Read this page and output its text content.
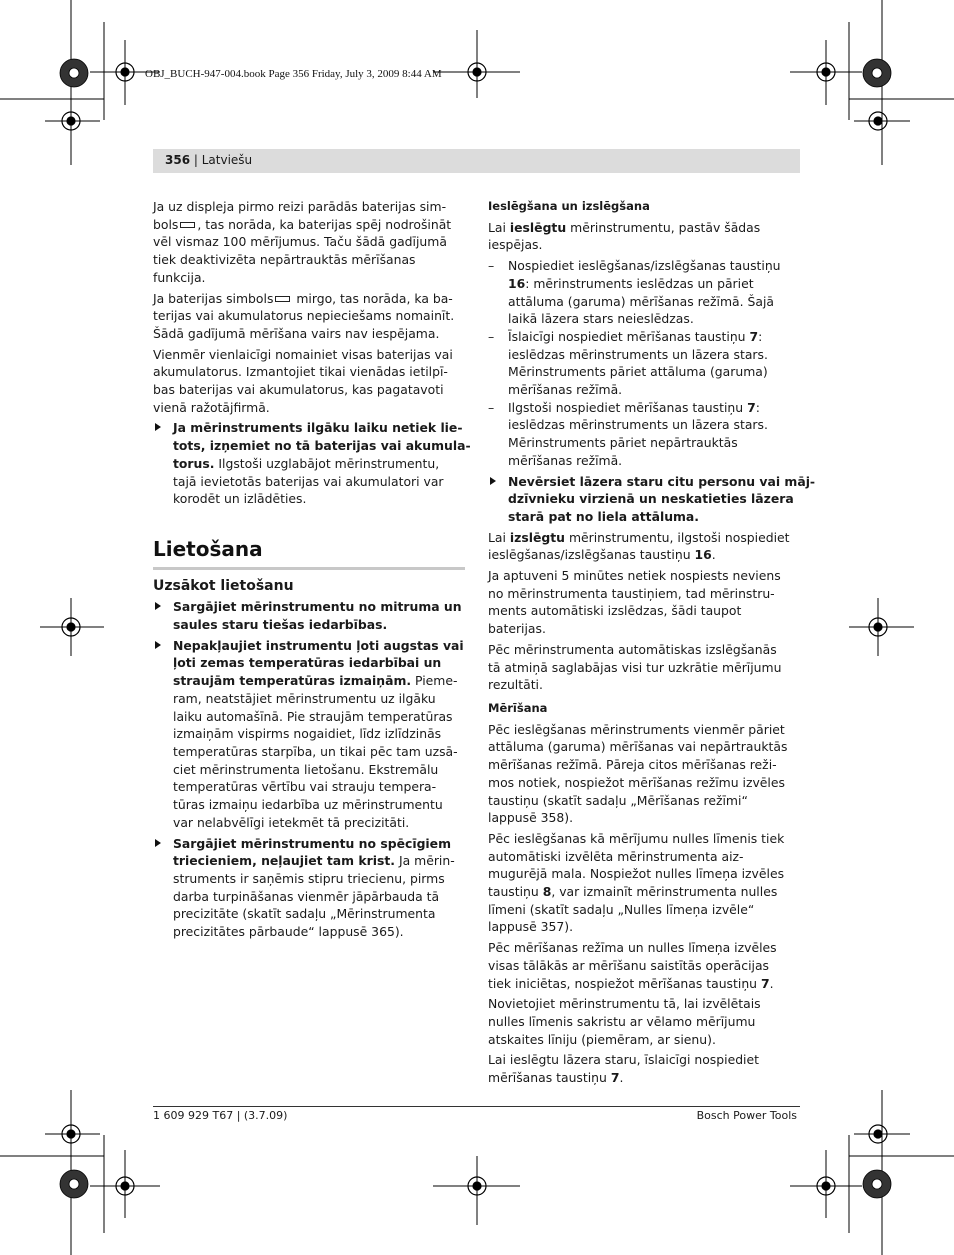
OBJ_BUCH-947-004.book Page 356 Friday, July 3, 2009 8:44 AM
356 | Latviešu
Ja uz displeja pirmo reizi parādās baterijas sim-
bols , tas norāda, ka baterijas spēj nodrošināt
vēl vismaz 100 mērījumus. Taču šādā gadījumā
tiek deaktivizēta nepārtrauktās mērīšanas
funkcija.
Ja baterijas simbols mirgo, tas norāda, ka ba-
terijas vai akumulatorus nepieciešams nomainīt.
Šādā gadījumā mērīšana vairs nav iespējama.
Vienmēr vienlaicīgi nomainiet visas baterijas vai
akumulatorus. Izmantojiet tikai vienādas ietilpī-
bas baterijas vai akumulatorus, kas pagatavoti
vienā ražotājfirmā.
Ja mērinstruments ilgāku laiku netiek lie-
tots, izņemiet no tā baterijas vai akumula-
torus. Ilgstoši uzglabājot mērinstrumentu,
tajā ievietotās baterijas vai akumulatori var
korodēt un izlādēties.
Lietošana
Uzsākot lietošanu
Sargājiet mērinstrumentu no mitruma un
saules staru tiešas iedarbības.
Nepakļaujiet instrumentu ļoti augstas vai
ļoti zemas temperatūras iedarbībai un
straujām temperatūras izmaiņām. Pieme-
ram, neatstājiet mērinstrumentu uz ilgāku
laiku automašīnā. Pie straujām temperatūras
izmaiņām vispirms nogaidiet, līdz izlīdzinās
temperatūras starpība, un tikai pēc tam uzsā-
ciet mērinstrumenta lietošanu. Ekstremālu
temperatūras vērtību vai strauju tempera-
tūras izmaiņu iedarbība uz mērinstrumentu
var nelabvēlīgi ietekmēt tā precizitāti.
Sargājiet mērinstrumentu no spēcīgiem
triecieniem, neļaujiet tam krist. Ja mērin-
struments ir saņēmis stipru triecienu, pirms
darba turpināšanas vienmēr jāpārbauda tā
precizitāte (skatīt sadaļu „Mērinstrumenta
precizitātes pārbaude“ lappusē 365).
Ieslēgšana un izslēgšana
Lai ieslēgtu mērinstrumentu, pastāv šādas
iespējas.
– Nospiediet ieslēgšanas/izslēgšanas taustiņu
16: mērinstruments ieslēdzas un pāriet
attāluma (garuma) mērīšanas režīmā. Šajā
laikā lāzera stars neieslēdzas.
– Īslaicīgi nospiediet mērīšanas taustiņu 7:
ieslēdzas mērinstruments un lāzera stars.
Mērinstruments pāriet attāluma (garuma)
mērīšanas režīmā.
– Ilgstoši nospiediet mērīšanas taustiņu 7:
ieslēdzas mērinstruments un lāzera stars.
Mērinstruments pāriet nepārtrauktās
mērīšanas režīmā.
Nevērsiet lāzera staru citu personu vai māj-
dzīvnieku virzienā un neskatieties lāzera
starā pat no liela attāluma.
Lai izslēgtu mērinstrumentu, ilgstoši nospiediet
ieslēgšanas/izslēgšanas taustiņu 16.
Ja aptuveni 5 minūtes netiek nospiests neviens
no mērinstrumenta taustiņiem, tad mērinstru-
ments automātiski izslēdzas, šādi taupot
baterijas.
Pēc mērinstrumenta automātiskas izslēgšanās
tā atmiņā saglabājas visi tur uzkrātie mērījumu
rezultāti.
Mērīšana
Pēc ieslēgšanas mērinstruments vienmēr pāriet
attāluma (garuma) mērīšanas vai nepārtrauktās
mērīšanas režīmā. Pāreja citos mērīšanas reži-
mos notiek, nospiežot mērīšanas režīmu izvēles
taustiņu (skatīt sadaļu „Mērīšanas režīmi“
lappusē 358).
Pēc ieslēgšanas kā mērījumu nulles līmenis tiek
automātiski izvēlēta mērinstrumenta aiz-
mugurējā mala. Nospiežot nulles līmeņa izvēles
taustiņu 8, var izmainīt mērinstrumenta nulles
līmeni (skatīt sadaļu „Nulles līmeņa izvēle“
lappusē 357).
Pēc mērīšanas režīma un nulles līmeņa izvēles
visas tālākās ar mērīšanu saistītās operācijas
tiek iniciētas, nospiežot mērīšanas taustiņu 7.
Novietojiet mērinstrumentu tā, lai izvēlētais
nulles līmenis sakristu ar vēlamo mērījumu
atskaites līniju (piemēram, ar sienu).
Lai ieslēgtu lāzera staru, īslaicīgi nospiediet
mērīšanas taustiņu 7.
1 609 929 T67 | (3.7.09)	Bosch Power Tools
